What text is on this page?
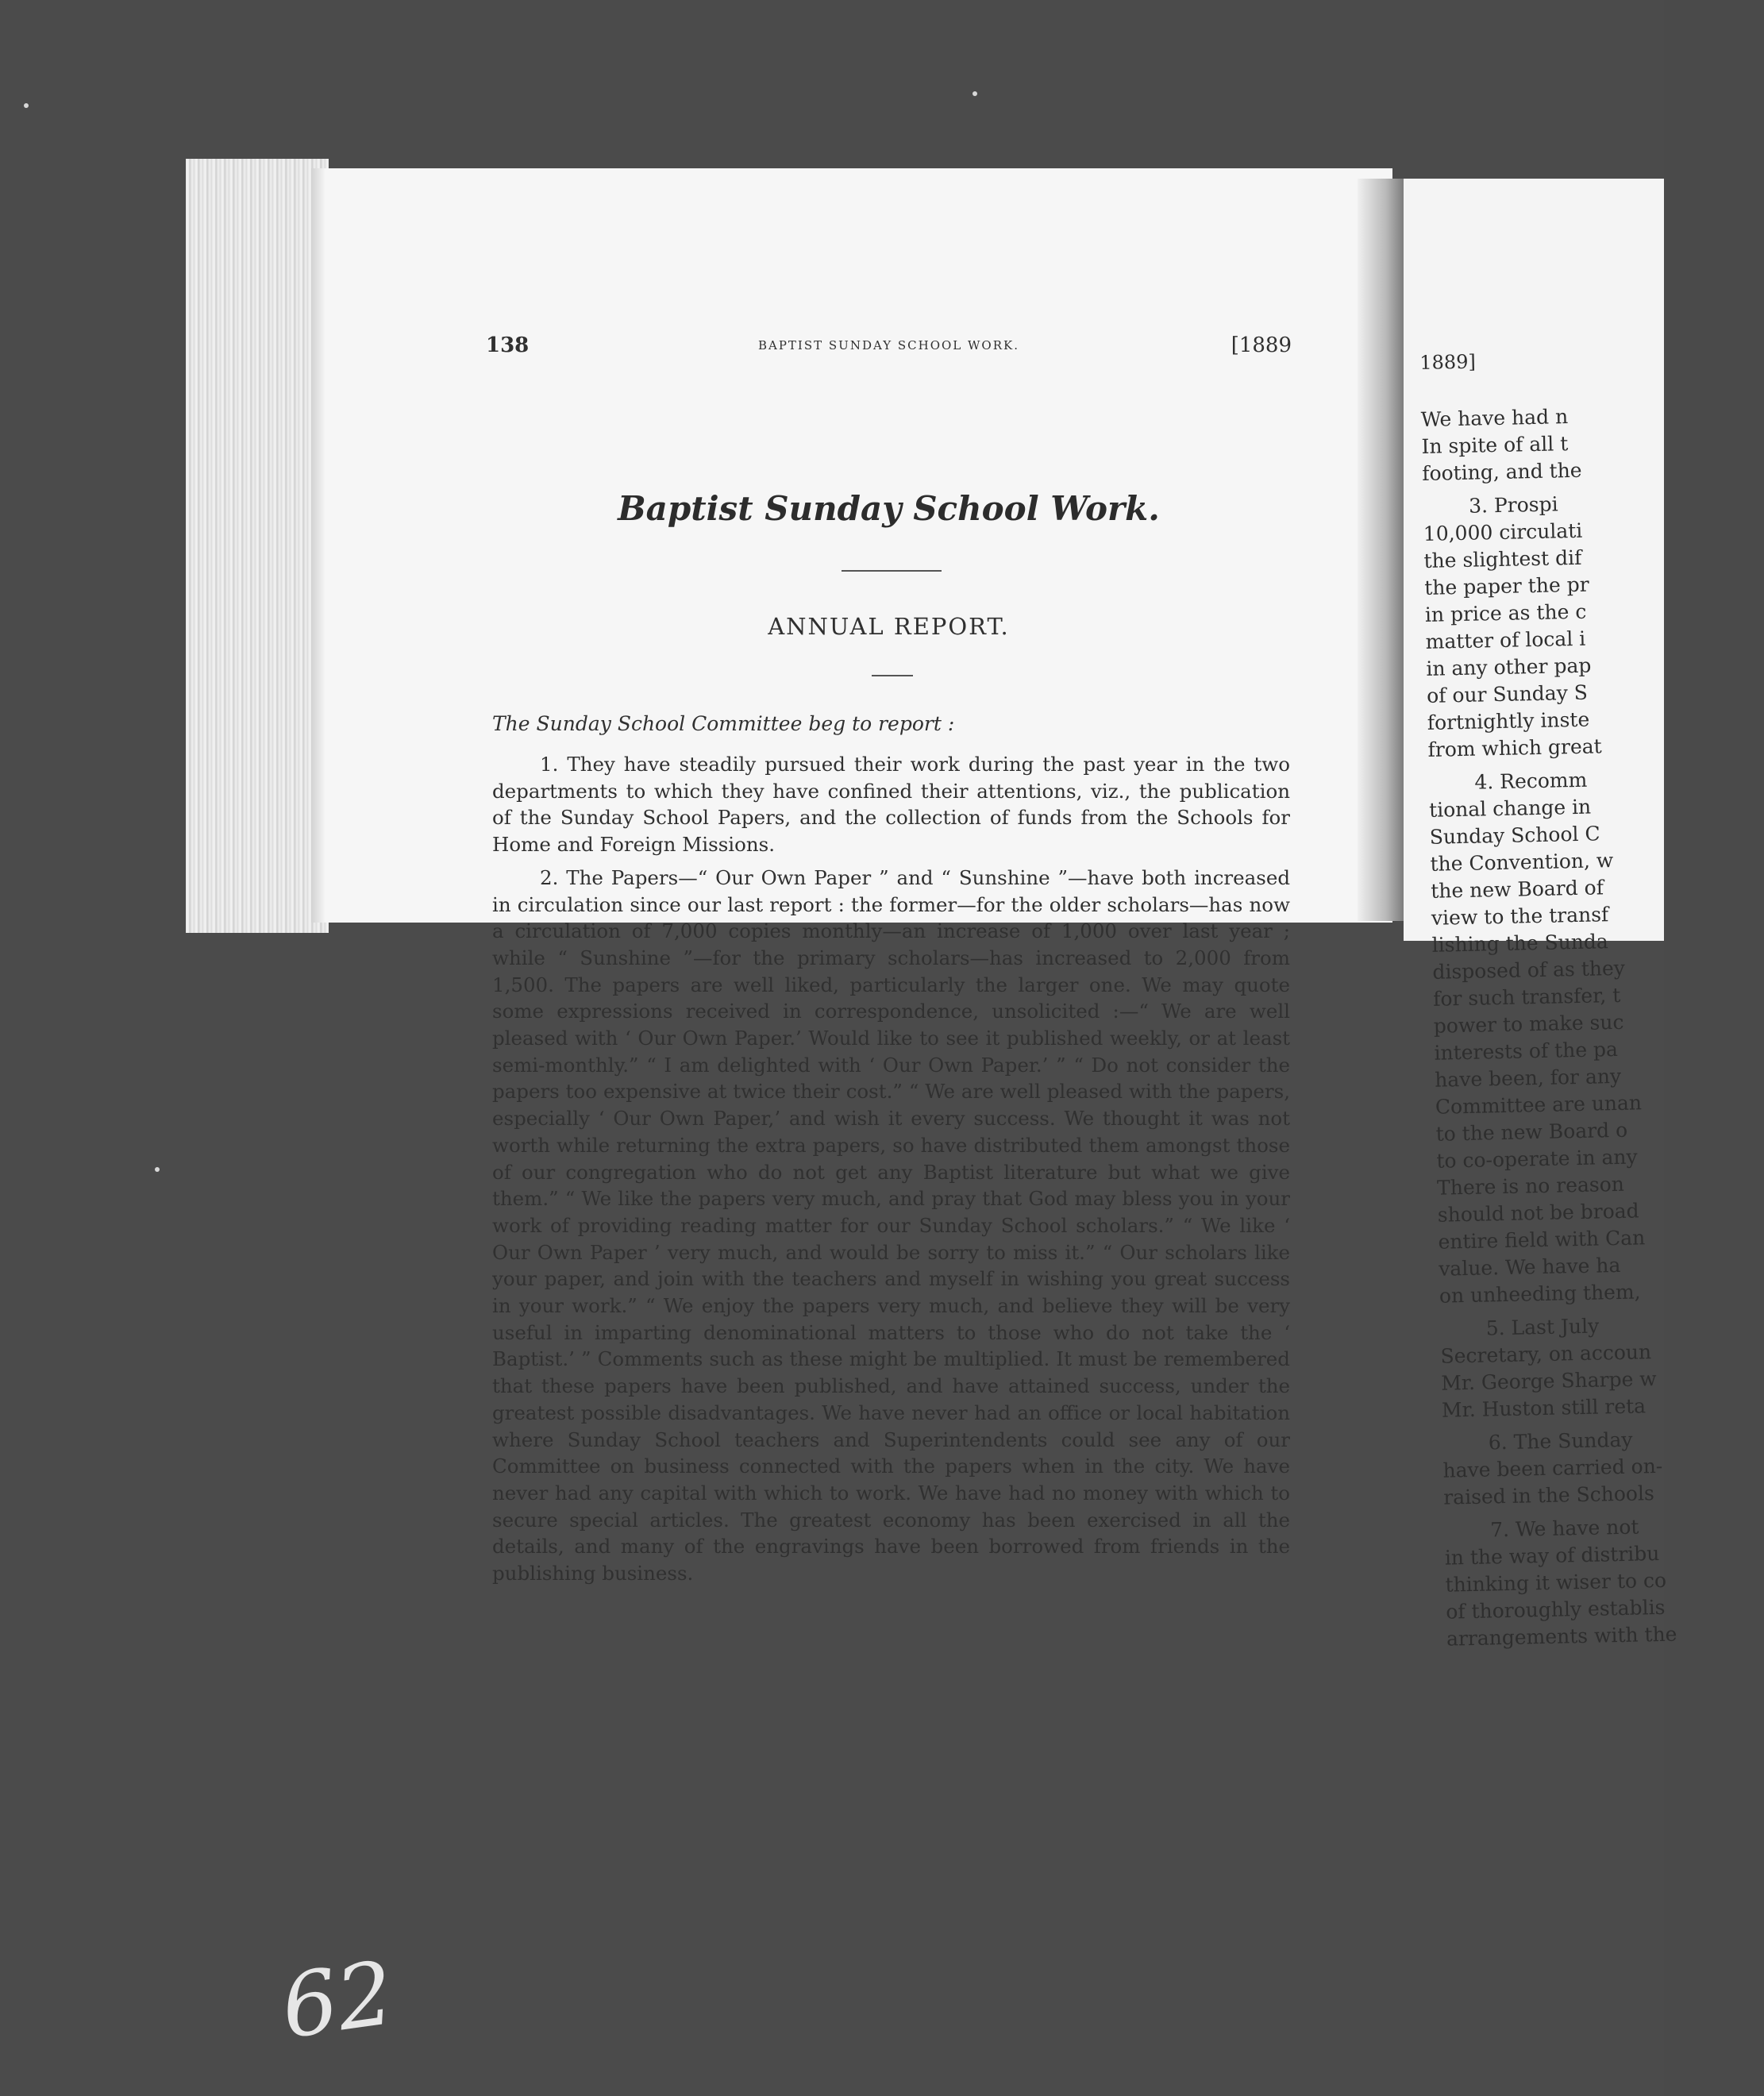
1889]
We have had n
In spite of all t
footing, and the
3. Prospi
10,000 circulati
the slightest dif
the paper the pr
in price as the c
matter of local i
in any other pap
of our Sunday S
fortnightly inste
from which great
4. Recomm
tional change in
Sunday School C
the Convention, w
the new Board of
view to the transf
lishing the Sunda
disposed of as they
for such transfer, t
power to make suc
interests of the pa
have been, for any
Committee are unan
to the new Board o
to co-operate in any
There is no reason
should not be broad
entire field with Can
value. We have ha
on unheeding them,
5. Last July
Secretary, on accoun
Mr. George Sharpe w
Mr. Huston still reta
6. The Sunday
have been carried on-
raised in the Schools
7. We have not
in the way of distribu
thinking it wiser to co
of thoroughly establis
arrangements with the
138	BAPTIST SUNDAY SCHOOL WORK.	[1889
Baptist Sunday School Work.
ANNUAL REPORT.
The Sunday School Committee beg to report :

1. They have steadily pursued their work during the past year in the two departments to which they have confined their attentions, viz., the publication of the Sunday School Papers, and the collection of funds from the Schools for Home and Foreign Missions.

2. The Papers—“ Our Own Paper ” and “ Sunshine ”—have both increased in circulation since our last report : the former—for the older scholars—has now a circulation of 7,000 copies monthly—an increase of 1,000 over last year ; while “ Sunshine ”—for the primary scholars—has increased to 2,000 from 1,500. The papers are well liked, particularly the larger one. We may quote some expressions received in correspondence, unsolicited :—“ We are well pleased with ‘ Our Own Paper.’ Would like to see it published weekly, or at least semi-monthly.” “ I am delighted with ‘ Our Own Paper.’ ” “ Do not consider the papers too expensive at twice their cost.” “ We are well pleased with the papers, especially ‘ Our Own Paper,’ and wish it every success. We thought it was not worth while returning the extra papers, so have distributed them amongst those of our congregation who do not get any Baptist literature but what we give them.” “ We like the papers very much, and pray that God may bless you in your work of providing reading matter for our Sunday School scholars.” “ We like ‘ Our Own Paper ’ very much, and would be sorry to miss it.” “ Our scholars like your paper, and join with the teachers and myself in wishing you great success in your work.” “ We enjoy the papers very much, and believe they will be very useful in imparting denominational matters to those who do not take the ‘ Baptist.’ ” Comments such as these might be multiplied. It must be remembered that these papers have been published, and have attained success, under the greatest possible disadvantages. We have never had an office or local habitation where Sunday School teachers and Superintendents could see any of our Committee on business connected with the papers when in the city. We have never had any capital with which to work. We have had no money with which to secure special articles. The greatest economy has been exercised in all the details, and many of the engravings have been borrowed from friends in the publishing business.

62
